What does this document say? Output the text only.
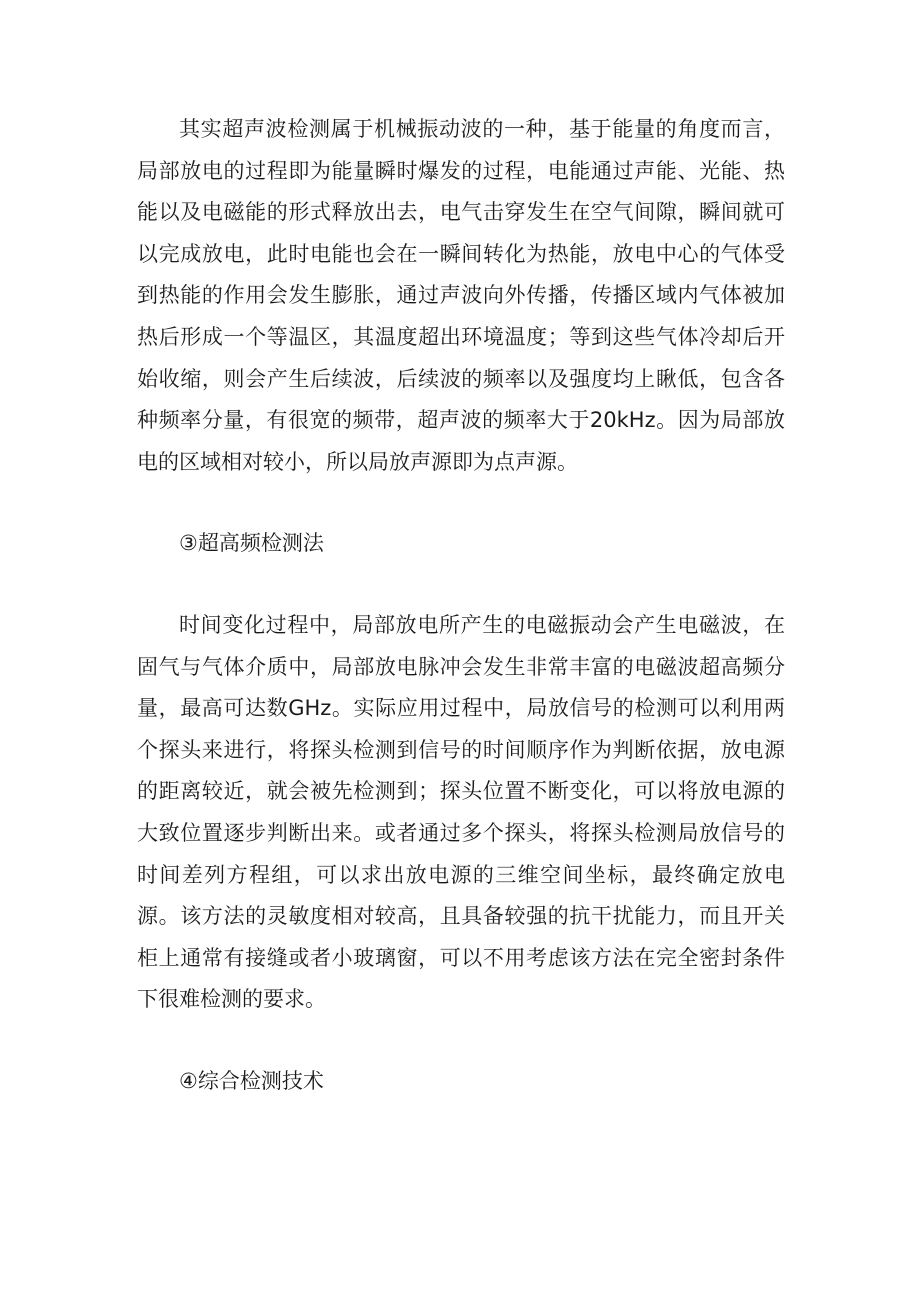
其实超声波检测属于机械振动波的一种，基于能量的角度而言，局部放电的过程即为能量瞬时爆发的过程，电能通过声能、光能、热能以及电磁能的形式释放出去，电气击穿发生在空气间隙，瞬间就可以完成放电，此时电能也会在一瞬间转化为热能，放电中心的气体受到热能的作用会发生膨胀，通过声波向外传播，传播区域内气体被加热后形成一个等温区，其温度超出环境温度；等到这些气体冷却后开始收缩，则会产生后续波，后续波的频率以及强度均上瞅低，包含各种频率分量，有很宽的频带，超声波的频率大于20kHz。因为局部放电的区域相对较小，所以局放声源即为点声源。

③超高频检测法

时间变化过程中，局部放电所产生的电磁振动会产生电磁波，在固气与气体介质中，局部放电脉冲会发生非常丰富的电磁波超高频分量，最高可达数GHz。实际应用过程中，局放信号的检测可以利用两个探头来进行，将探头检测到信号的时间顺序作为判断依据，放电源的距离较近，就会被先检测到；探头位置不断变化，可以将放电源的大致位置逐步判断出来。或者通过多个探头，将探头检测局放信号的时间差列方程组，可以求出放电源的三维空间坐标，最终确定放电源。该方法的灵敏度相对较高，且具备较强的抗干扰能力，而且开关柜上通常有接缝或者小玻璃窗，可以不用考虑该方法在完全密封条件下很难检测的要求。

④综合检测技术
